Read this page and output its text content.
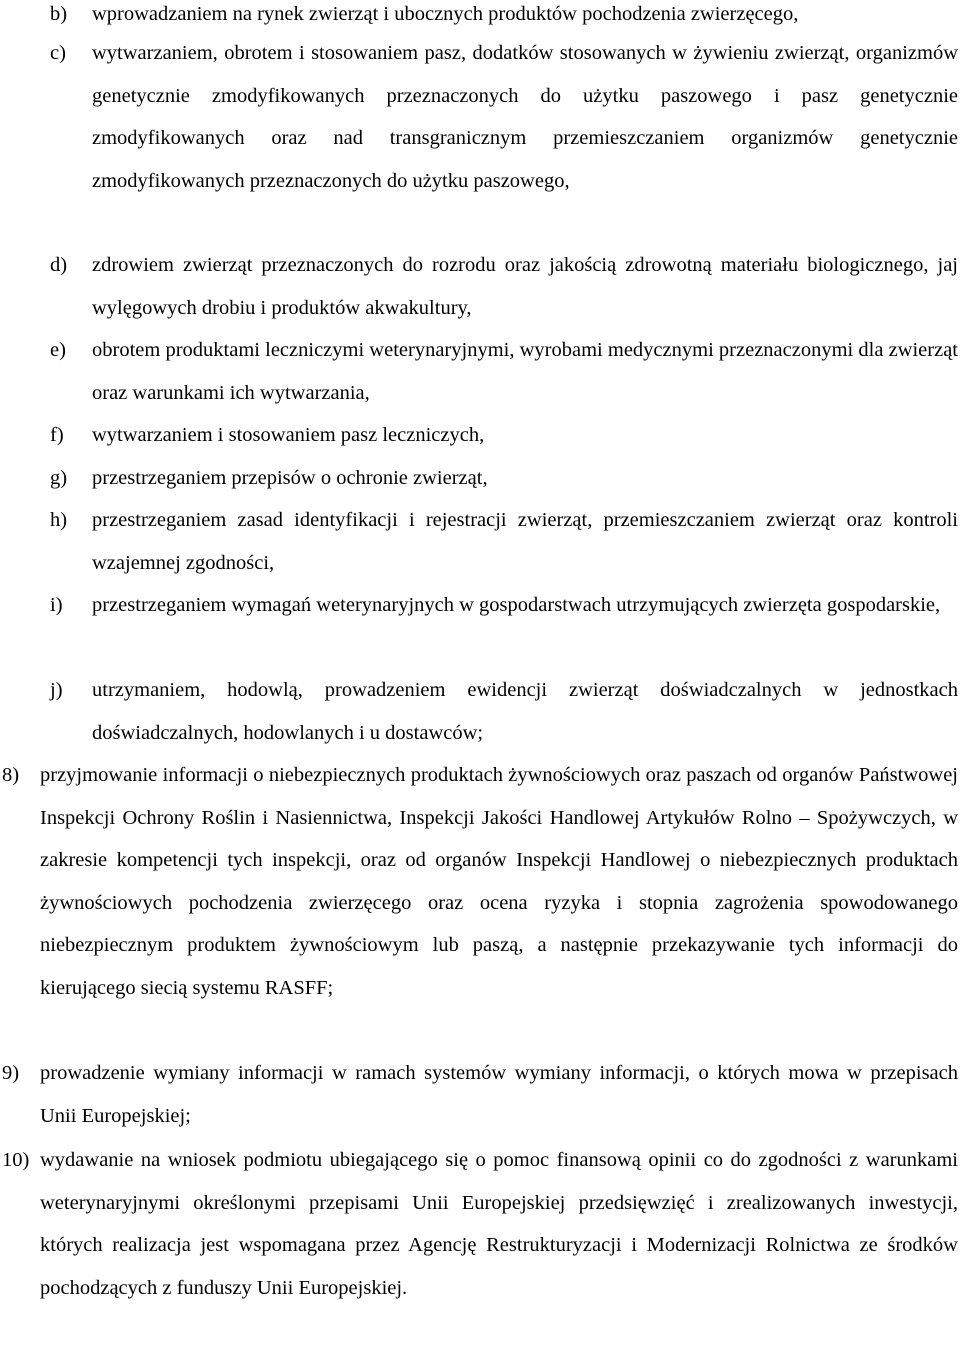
b) wprowadzaniem na rynek zwierząt i ubocznych produktów pochodzenia zwierzęcego,
c) wytwarzaniem, obrotem i stosowaniem pasz, dodatków stosowanych w żywieniu zwierząt, organizmów genetycznie zmodyfikowanych przeznaczonych do użytku paszowego i pasz genetycznie zmodyfikowanych oraz nad transgranicznym przemieszczaniem organizmów genetycznie zmodyfikowanych przeznaczonych do użytku paszowego,
d) zdrowiem zwierząt przeznaczonych do rozrodu oraz jakością zdrowotną materiału biologicznego, jaj wylęgowych drobiu i produktów akwakultury,
e) obrotem produktami leczniczymi weterynaryjnymi, wyrobami medycznymi przeznaczonymi dla zwierząt oraz warunkami ich wytwarzania,
f) wytwarzaniem i stosowaniem pasz leczniczych,
g) przestrzeganiem przepisów o ochronie zwierząt,
h) przestrzeganiem zasad identyfikacji i rejestracji zwierząt, przemieszczaniem zwierząt oraz kontroli wzajemnej zgodności,
i) przestrzeganiem wymagań weterynaryjnych w gospodarstwach utrzymujących zwierzęta gospodarskie,
j) utrzymaniem, hodowlą, prowadzeniem ewidencji zwierząt doświadczalnych w jednostkach doświadczalnych, hodowlanych i u dostawców;
8) przyjmowanie informacji o niebezpiecznych produktach żywnościowych oraz paszach od organów Państwowej Inspekcji Ochrony Roślin i Nasiennictwa, Inspekcji Jakości Handlowej Artykułów Rolno – Spożywczych, w zakresie kompetencji tych inspekcji, oraz od organów Inspekcji Handlowej o niebezpiecznych produktach żywnościowych pochodzenia zwierzęcego oraz ocena ryzyka i stopnia zagrożenia spowodowanego niebezpiecznym produktem żywnościowym lub paszą, a następnie przekazywanie tych informacji do kierującego siecią systemu RASFF;
9) prowadzenie wymiany informacji w ramach systemów wymiany informacji, o których mowa w przepisach Unii Europejskiej;
10) wydawanie na wniosek podmiotu ubiegającego się o pomoc finansową opinii co do zgodności z warunkami weterynaryjnymi określonymi przepisami Unii Europejskiej przedsięwzięć i zrealizowanych inwestycji, których realizacja jest wspomagana przez Agencję Restrukturyzacji i Modernizacji Rolnictwa ze środków pochodzących z funduszy Unii Europejskiej.
